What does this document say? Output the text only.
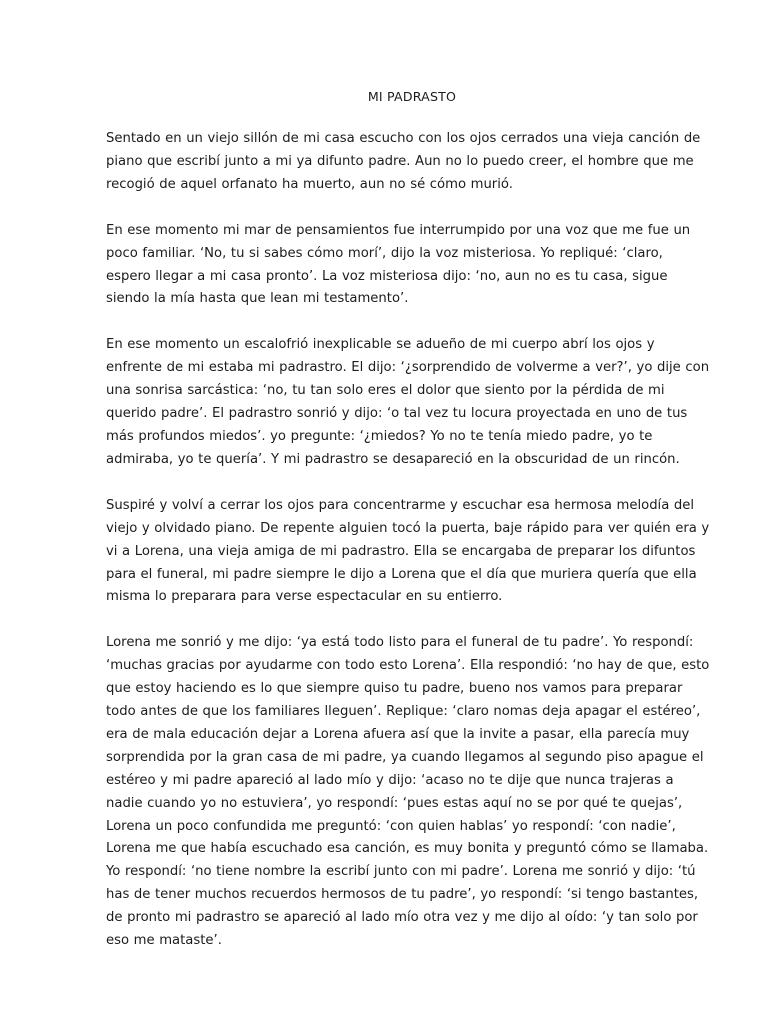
MI PADRASTO

Sentado en un viejo sillón de mi casa escucho con los ojos cerrados una vieja canción de piano que escribí junto a mi ya difunto padre. Aun no lo puedo creer, el hombre que me recogió de aquel orfanato ha muerto, aun no sé cómo murió.

En ese momento mi mar de pensamientos fue interrumpido por una voz que me fue un poco familiar. ‘No, tu si sabes cómo morí’, dijo la voz misteriosa. Yo repliqué: ‘claro, espero llegar a mi casa pronto’. La voz misteriosa dijo: ‘no, aun no es tu casa, sigue siendo la mía hasta que lean mi testamento’.

En ese momento un escalofrió inexplicable se adueño de mi cuerpo abrí los ojos y enfrente de mi estaba mi padrastro. El dijo: ‘¿sorprendido de volverme a ver?’, yo dije con una sonrisa sarcástica: ‘no, tu tan solo eres el dolor que siento por la pérdida de mi querido padre’. El padrastro sonrió y dijo: ‘o tal vez tu locura proyectada en uno de tus más profundos miedos’. yo pregunte: ‘¿miedos? Yo no te tenía miedo padre, yo te admiraba, yo te quería’. Y mi padrastro se desapareció en la obscuridad de un rincón.

Suspiré y volví a cerrar los ojos para concentrarme y escuchar esa hermosa melodía del viejo y olvidado piano. De repente alguien tocó la puerta, baje rápido para ver quién era y vi a Lorena, una vieja amiga de mi padrastro. Ella se encargaba de preparar los difuntos para el funeral, mi padre siempre le dijo a Lorena que el día que muriera quería que ella misma lo preparara para verse espectacular en su entierro.

Lorena me sonrió y me dijo: ‘ya está todo listo para el funeral de tu padre’. Yo respondí: ‘muchas gracias por ayudarme con todo esto Lorena’. Ella respondió: ‘no hay de que, esto que estoy haciendo es lo que siempre quiso tu padre, bueno nos vamos para preparar todo antes de que los familiares lleguen’. Replique: ‘claro nomas deja apagar el estéreo’, era de mala educación dejar a Lorena afuera así que la invite a pasar, ella parecía muy sorprendida por la gran casa de mi padre, ya cuando llegamos al segundo piso apague el estéreo y mi padre apareció al lado mío y dijo: ‘acaso no te dije que nunca trajeras a nadie cuando yo no estuviera’, yo respondí: ‘pues estas aquí no se por qué te quejas’, Lorena un poco confundida me preguntó: ‘con quien hablas’ yo respondí: ‘con nadie’, Lorena me que había escuchado esa canción, es muy bonita y preguntó cómo se llamaba. Yo respondí: ‘no tiene nombre la escribí junto con mi padre’. Lorena me sonrió y dijo: ‘tú has de tener muchos recuerdos hermosos de tu padre’, yo respondí: ‘si tengo bastantes, de pronto mi padrastro se apareció al lado mío otra vez y me dijo al oído: ‘y tan solo por eso me mataste’.
